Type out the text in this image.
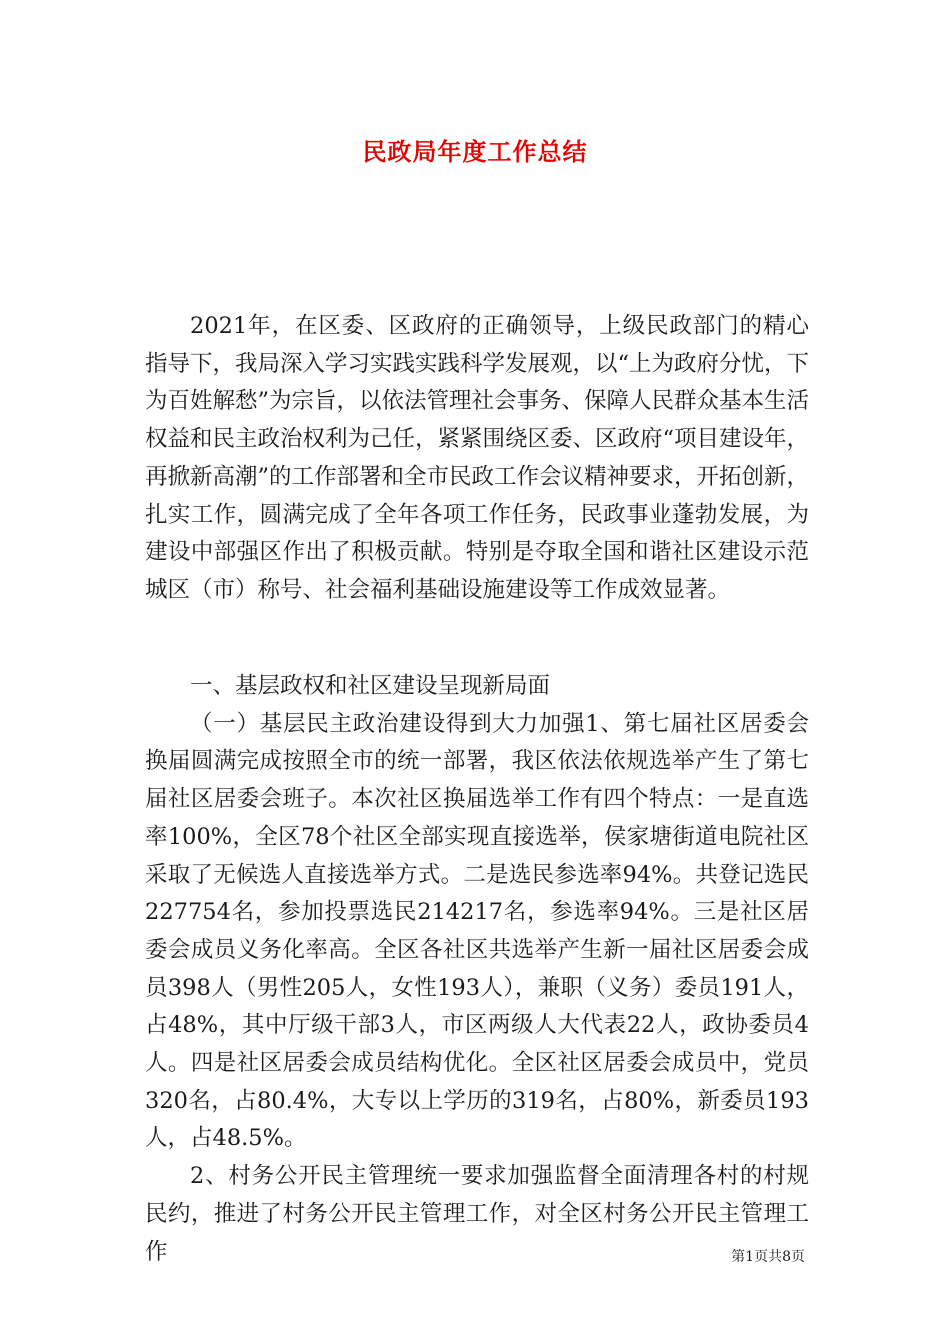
民政局年度工作总结

2021年，在区委、区政府的正确领导，上级民政部门的精心指导下，我局深入学习实践实践科学发展观，以“上为政府分忧，下为百姓解愁”为宗旨，以依法管理社会事务、保障人民群众基本生活权益和民主政治权利为己任，紧紧围绕区委、区政府“项目建设年，再掀新高潮”的工作部署和全市民政工作会议精神要求，开拓创新，扎实工作，圆满完成了全年各项工作任务，民政事业蓬勃发展，为建设中部强区作出了积极贡献。特别是夺取全国和谐社区建设示范城区（市）称号、社会福利基础设施建设等工作成效显著。

一、基层政权和社区建设呈现新局面

（一）基层民主政治建设得到大力加强1、第七届社区居委会换届圆满完成按照全市的统一部署，我区依法依规选举产生了第七届社区居委会班子。本次社区换届选举工作有四个特点：一是直选率100%，全区78个社区全部实现直接选举，侯家塘街道电院社区采取了无候选人直接选举方式。二是选民参选率94%。共登记选民227754名，参加投票选民214217名，参选率94%。三是社区居委会成员义务化率高。全区各社区共选举产生新一届社区居委会成员398人（男性205人，女性193人），兼职（义务）委员191人，占48%，其中厅级干部3人，市区两级人大代表22人，政协委员4人。四是社区居委会成员结构优化。全区社区居委会成员中，党员320名，占80.4%，大专以上学历的319名，占80%，新委员193人，占48.5%。

2、村务公开民主管理统一要求加强监督全面清理各村的村规民约，推进了村务公开民主管理工作，对全区村务公开民主管理工作	第1页共8页
